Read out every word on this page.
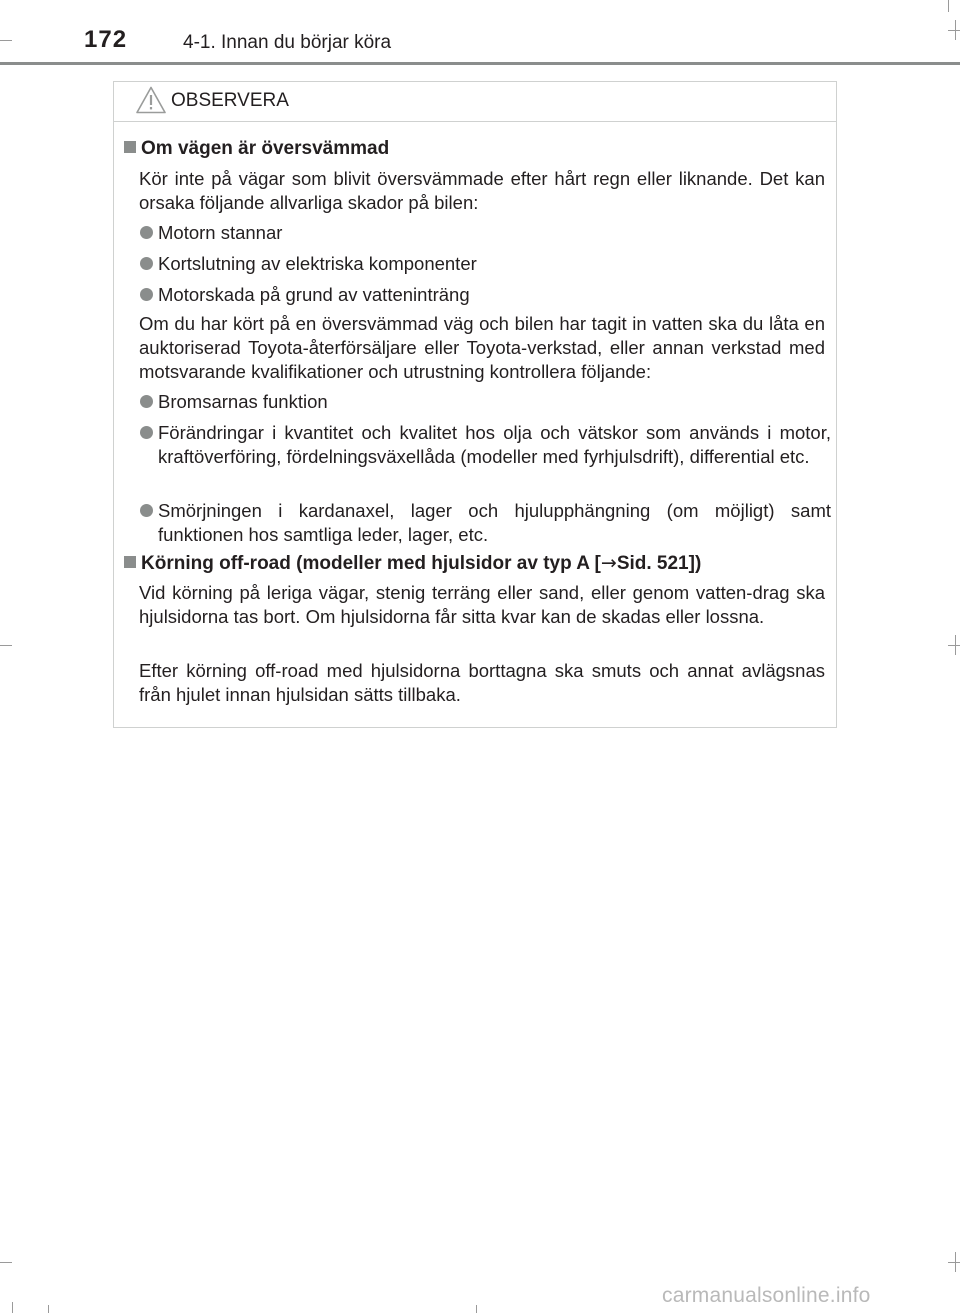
172	4-1. Innan du börjar köra
OBSERVERA
Om vägen är översvämmad
Kör inte på vägar som blivit översvämmade efter hårt regn eller liknande. Det kan orsaka följande allvarliga skador på bilen:
Motorn stannar
Kortslutning av elektriska komponenter
Motorskada på grund av vatteninträng
Om du har kört på en översvämmad väg och bilen har tagit in vatten ska du låta en auktoriserad Toyota-återförsäljare eller Toyota-verkstad, eller annan verkstad med motsvarande kvalifikationer och utrustning kontrollera följande:
Bromsarnas funktion
Förändringar i kvantitet och kvalitet hos olja och vätskor som används i motor, kraftöverföring, fördelningsväxellåda (modeller med fyrhjulsdrift), differential etc.
Smörjningen i kardanaxel, lager och hjulupphängning (om möjligt) samt funktionen hos samtliga leder, lager, etc.
Körning off-road (modeller med hjulsidor av typ A [→Sid. 521])
Vid körning på leriga vägar, stenig terräng eller sand, eller genom vatten-drag ska hjulsidorna tas bort. Om hjulsidorna får sitta kvar kan de skadas eller lossna.
Efter körning off-road med hjulsidorna borttagna ska smuts och annat avlägsnas från hjulet innan hjulsidan sätts tillbaka.
carmanualsonline.info
